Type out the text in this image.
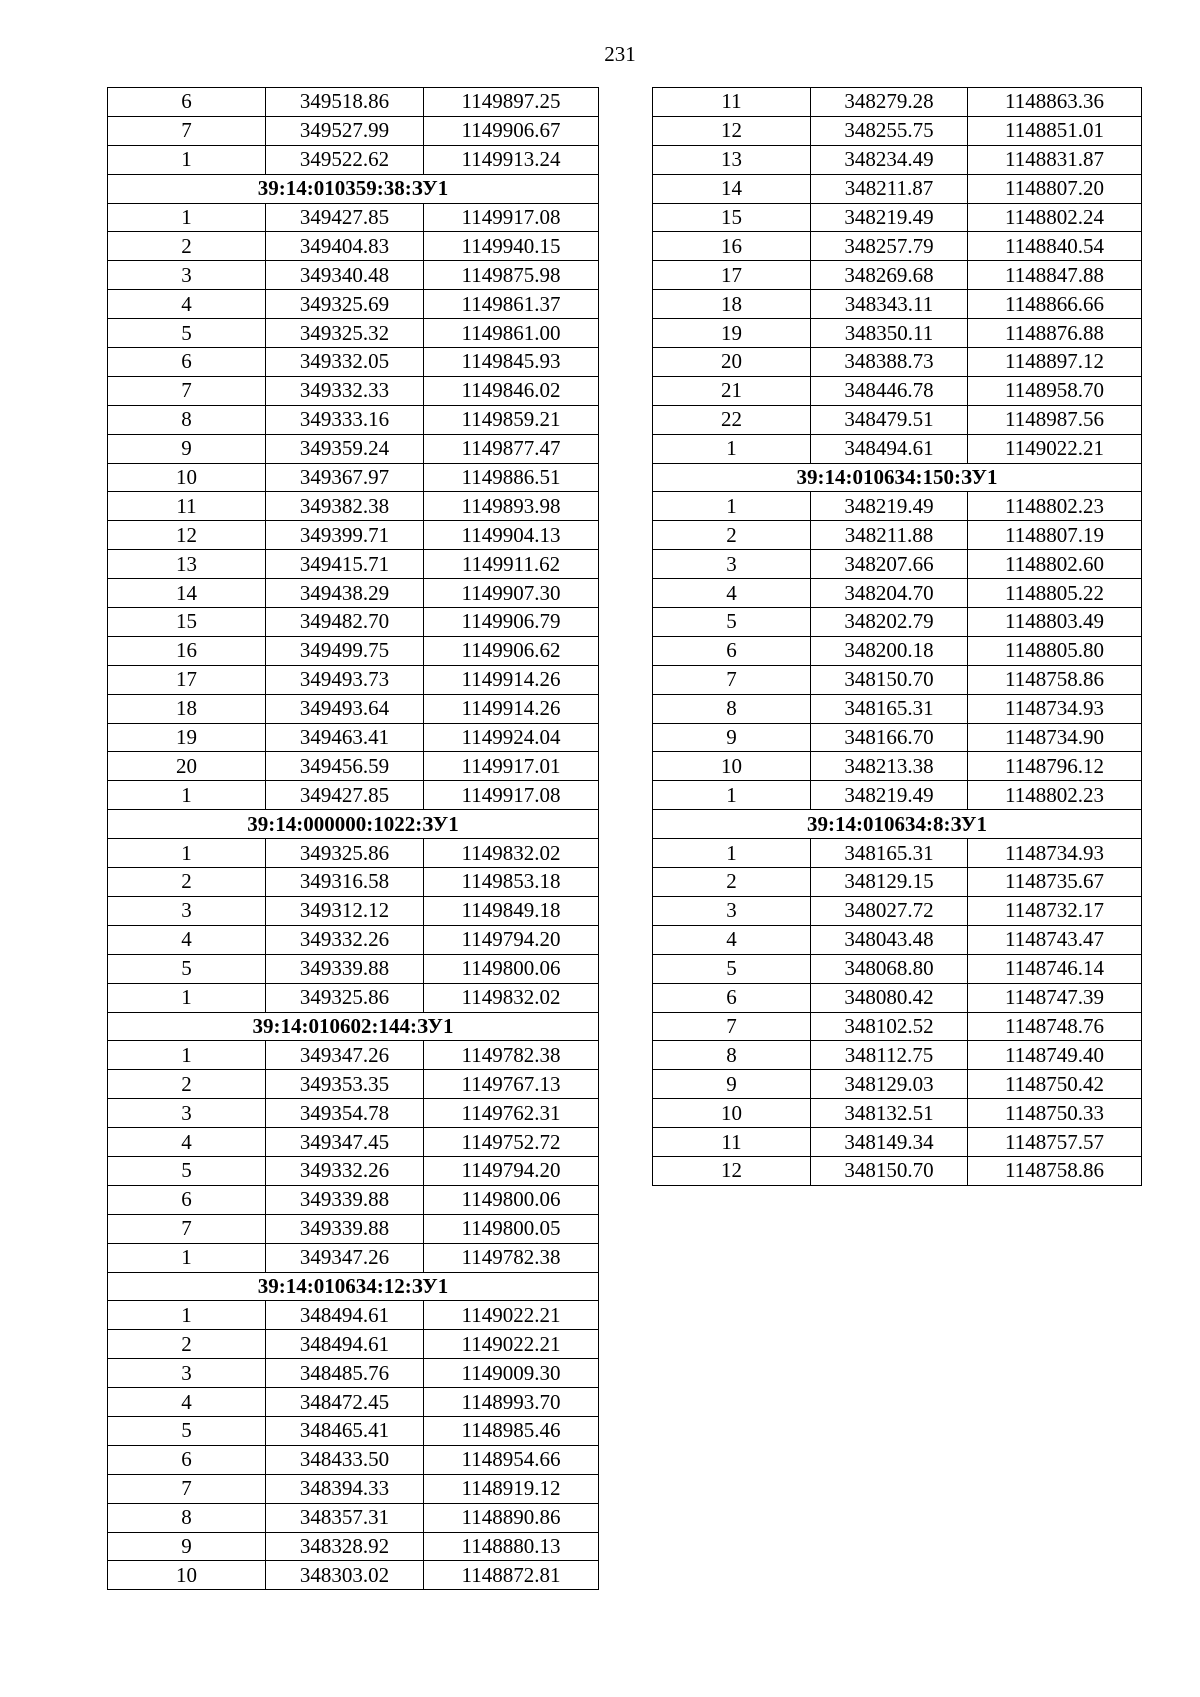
231
6	349518.86	1149897.25
7	349527.99	1149906.67
1	349522.62	1149913.24
39:14:010359:38:ЗУ1		
1	349427.85	1149917.08
2	349404.83	1149940.15
3	349340.48	1149875.98
4	349325.69	1149861.37
5	349325.32	1149861.00
6	349332.05	1149845.93
7	349332.33	1149846.02
8	349333.16	1149859.21
9	349359.24	1149877.47
10	349367.97	1149886.51
11	349382.38	1149893.98
12	349399.71	1149904.13
13	349415.71	1149911.62
14	349438.29	1149907.30
15	349482.70	1149906.79
16	349499.75	1149906.62
17	349493.73	1149914.26
18	349493.64	1149914.26
19	349463.41	1149924.04
20	349456.59	1149917.01
1	349427.85	1149917.08
39:14:000000:1022:ЗУ1		
1	349325.86	1149832.02
2	349316.58	1149853.18
3	349312.12	1149849.18
4	349332.26	1149794.20
5	349339.88	1149800.06
1	349325.86	1149832.02
39:14:010602:144:ЗУ1		
1	349347.26	1149782.38
2	349353.35	1149767.13
3	349354.78	1149762.31
4	349347.45	1149752.72
5	349332.26	1149794.20
6	349339.88	1149800.06
7	349339.88	1149800.05
1	349347.26	1149782.38
39:14:010634:12:ЗУ1		
1	348494.61	1149022.21
2	348494.61	1149022.21
3	348485.76	1149009.30
4	348472.45	1148993.70
5	348465.41	1148985.46
6	348433.50	1148954.66
7	348394.33	1148919.12
8	348357.31	1148890.86
9	348328.92	1148880.13
10	348303.02	1148872.81
11	348279.28	1148863.36
12	348255.75	1148851.01
13	348234.49	1148831.87
14	348211.87	1148807.20
15	348219.49	1148802.24
16	348257.79	1148840.54
17	348269.68	1148847.88
18	348343.11	1148866.66
19	348350.11	1148876.88
20	348388.73	1148897.12
21	348446.78	1148958.70
22	348479.51	1148987.56
1	348494.61	1149022.21
39:14:010634:150:ЗУ1		
1	348219.49	1148802.23
2	348211.88	1148807.19
3	348207.66	1148802.60
4	348204.70	1148805.22
5	348202.79	1148803.49
6	348200.18	1148805.80
7	348150.70	1148758.86
8	348165.31	1148734.93
9	348166.70	1148734.90
10	348213.38	1148796.12
1	348219.49	1148802.23
39:14:010634:8:ЗУ1		
1	348165.31	1148734.93
2	348129.15	1148735.67
3	348027.72	1148732.17
4	348043.48	1148743.47
5	348068.80	1148746.14
6	348080.42	1148747.39
7	348102.52	1148748.76
8	348112.75	1148749.40
9	348129.03	1148750.42
10	348132.51	1148750.33
11	348149.34	1148757.57
12	348150.70	1148758.86
